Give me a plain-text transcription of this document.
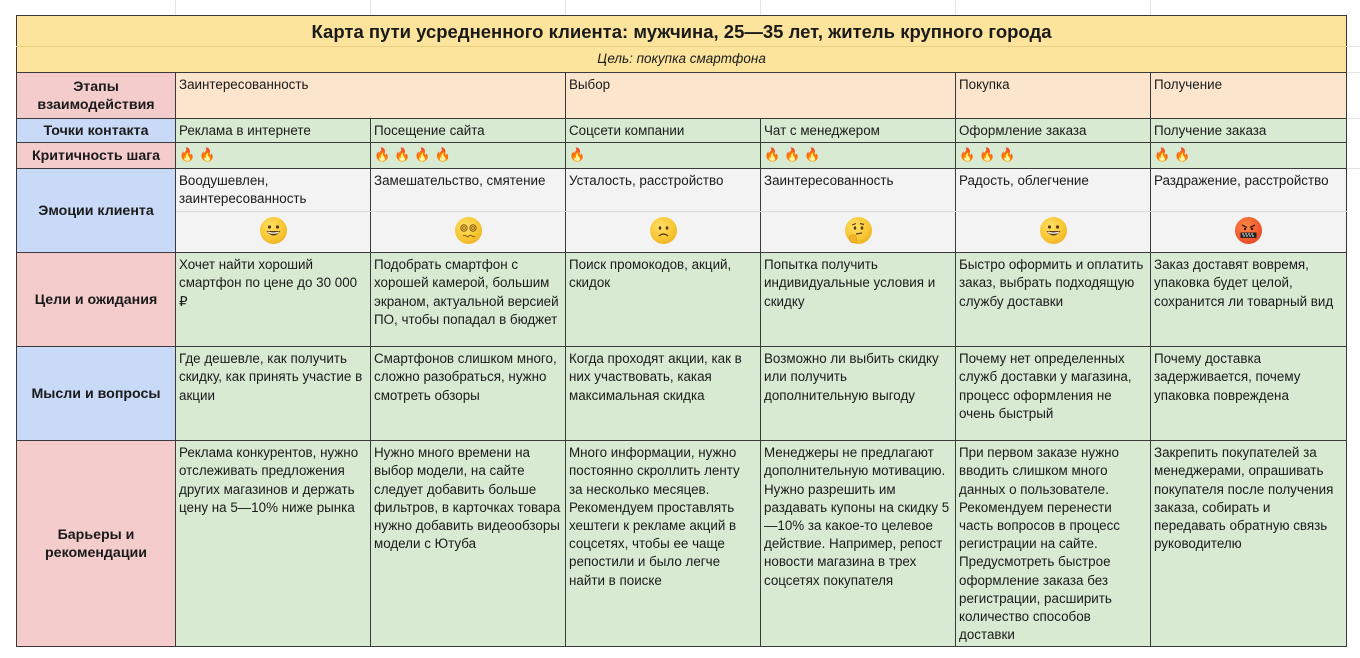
Карта пути усредненного клиента: мужчина, 25—35 лет, житель крупного города						
Цель: покупка смартфона						
Этапы взаимодействия	Заинтересованность		Выбор		Покупка	Получение
Точки контакта	Реклама в интернете	Посещение сайта	Соцсети компании	Чат с менеджером	Оформление заказа	Получение заказа
Критичность шага	🔥 🔥	🔥 🔥 🔥 🔥	🔥	🔥 🔥 🔥	🔥 🔥 🔥	🔥 🔥
Эмоции клиента	Воодушевлен, заинтересованность	Замешательство, смятение	Усталость, расстройство	Заинтересованность	Радость, облегчение	Раздражение, расстройство

Цели и ожидания	Хочет найти хороший смартфон по цене до 30 000 ₽	Подобрать смартфон с хорошей камерой, большим экраном, актуальной версией ПО, чтобы попадал в бюджет	Поиск промокодов, акций, скидок	Попытка получить индивидуальные условия и скидку	Быстро оформить и оплатить заказ, выбрать подходящую службу доставки	Заказ доставят вовремя, упаковка будет целой, сохранится ли товарный вид
Мысли и вопросы	Где дешевле, как получить скидку, как принять участие в акции	Смартфонов слишком много, сложно разобраться, нужно смотреть обзоры	Когда проходят акции, как в них участвовать, какая максимальная скидка	Возможно ли выбить скидку или получить дополнительную выгоду	Почему нет определенных служб доставки у магазина, процесс оформления не очень быстрый	Почему доставка задерживается, почему упаковка повреждена
Барьеры и рекомендации	Реклама конкурентов, нужно отслеживать предложения других магазинов и держать цену на 5—10% ниже рынка	Нужно много времени на выбор модели, на сайте следует добавить больше фильтров, в карточках товара нужно добавить видеообзоры модели с Ютуба	Много информации, нужно постоянно скроллить ленту за несколько месяцев. Рекомендуем проставлять хештеги к рекламе акций в соцсетях, чтобы ее чаще репостили и было легче найти в поиске	Менеджеры не предлагают дополнительную мотивацию. Нужно разрешить им раздавать купоны на скидку 5—10% за какое-то целевое действие. Например, репост новости магазина в трех соцсетях покупателя	При первом заказе нужно вводить слишком много данных о пользователе. Рекомендуем перенести часть вопросов в процесс регистрации на сайте. Предусмотреть быстрое оформление заказа без регистрации, расширить количество способов доставки	Закрепить покупателей за менеджерами, опрашивать покупателя после получения заказа, собирать и передавать обратную связь руководителю
